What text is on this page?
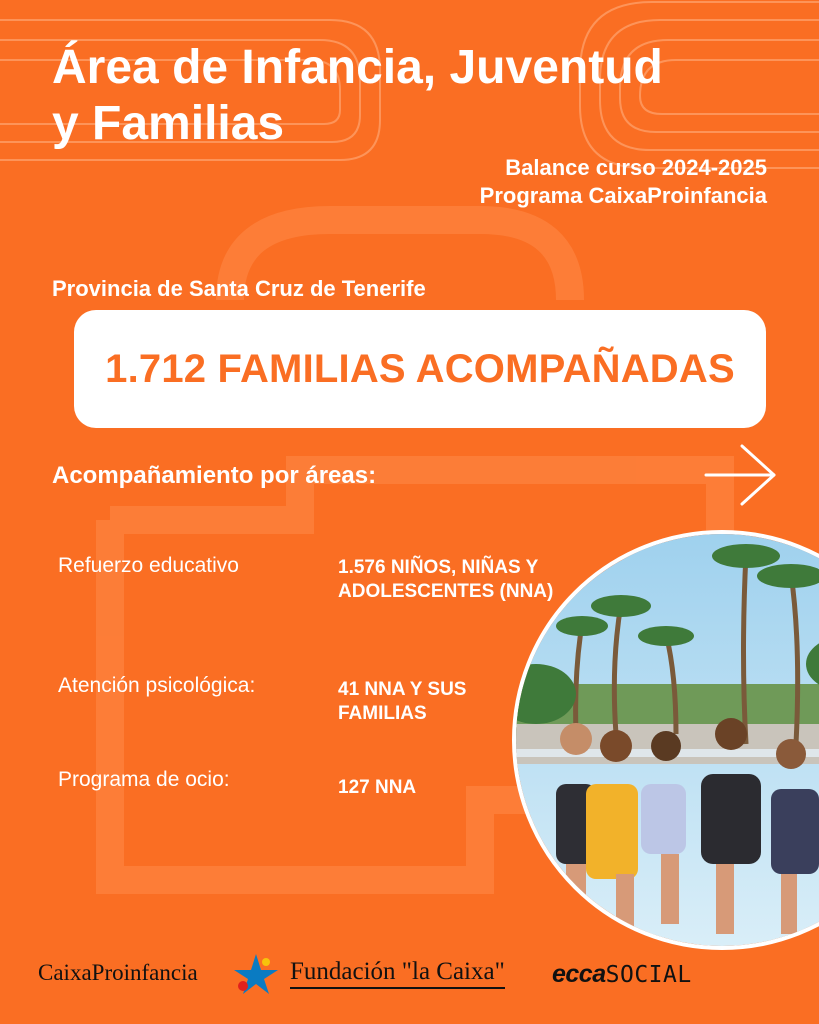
Área de Infancia, Juventud
y Familias
Balance curso 2024-2025
Programa CaixaProinfancia
Provincia de Santa Cruz de Tenerife
1.712 FAMILIAS ACOMPAÑADAS
Acompañamiento por áreas:
Refuerzo educativo	1.576 NIÑOS, NIÑAS Y ADOLESCENTES (NNA)
Atención psicológica:	41 NNA Y SUS FAMILIAS
Programa de ocio:	127 NNA
CaixaProinfancia	Fundación "la Caixa" eccaSOCIAL
